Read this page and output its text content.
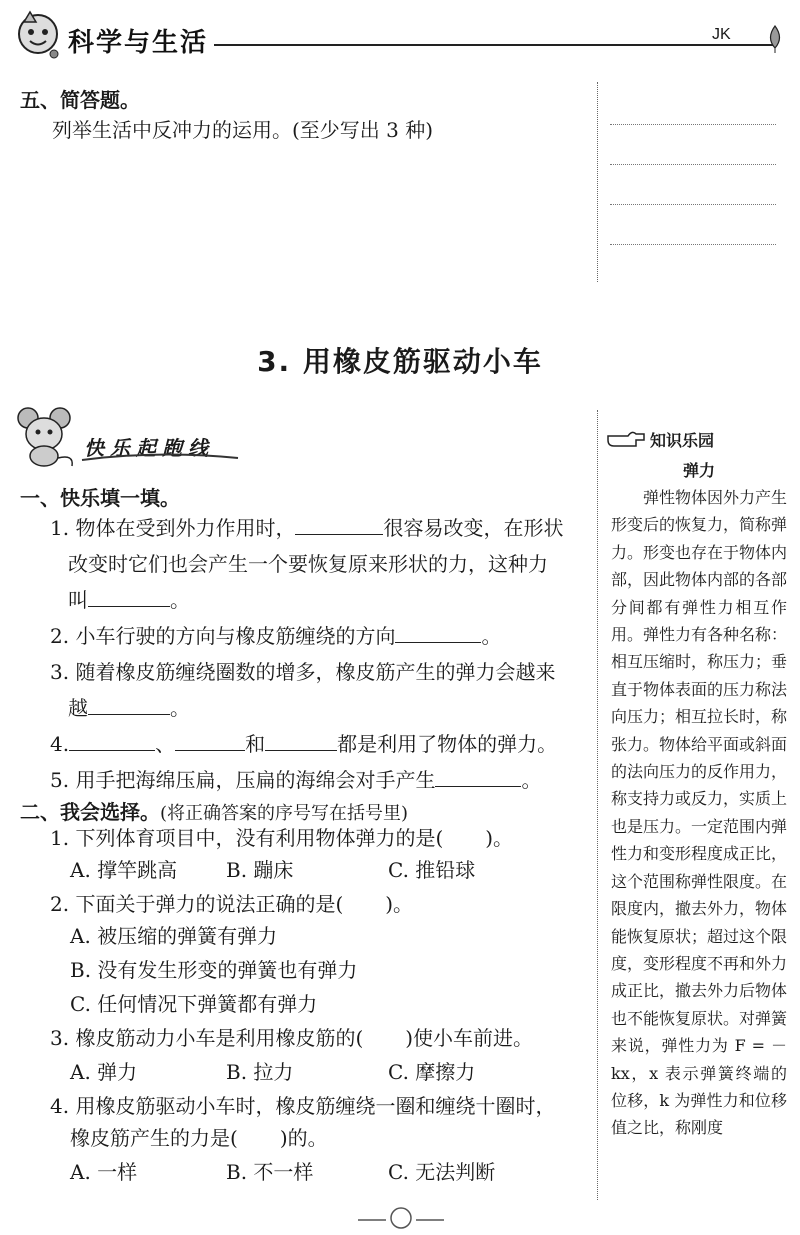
科学与生活	JK
五、简答题。
列举生活中反冲力的运用。(至少写出 3 种)
3. 用橡皮筋驱动小车
快乐起跑线
一、快乐填一填。
1. 物体在受到外力作用时，	很容易改变，在形状
改变时它们也会产生一个要恢复原来形状的力，这种力
叫	。
2. 小车行驶的方向与橡皮筋缠绕的方向	。
3. 随着橡皮筋缠绕圈数的增多，橡皮筋产生的弹力会越来
越	。
4.	、	和	都是利用了物体的弹力。
5. 用手把海绵压扁，压扁的海绵会对手产生	。
二、我会选择。(将正确答案的序号写在括号里)
1. 下列体育项目中，没有利用物体弹力的是( )。
A. 撑竿跳高 B. 蹦床	C. 推铅球
2. 下面关于弹力的说法正确的是( )。
A. 被压缩的弹簧有弹力
B. 没有发生形变的弹簧也有弹力
C. 任何情况下弹簧都有弹力
3. 橡皮筋动力小车是利用橡皮筋的( )使小车前进。
A. 弹力	B. 拉力	C. 摩擦力
4. 用橡皮筋驱动小车时，橡皮筋缠绕一圈和缠绕十圈时，
橡皮筋产生的力是( )的。
A. 一样	B. 不一样	C. 无法判断
知识乐园
弹力
弹性物体因外力产生形变后的恢复力，简称弹力。形变也存在于物体内部，因此物体内部的各部分间都有弹性力相互作用。弹性力有各种名称：相互压缩时，称压力；垂直于物体表面的压力称法向压力；相互拉长时，称张力。物体给平面或斜面的法向压力的反作用力，称支持力或反力，实质上也是压力。一定范围内弹性力和变形程度成正比，这个范围称弹性限度。在限度内，撤去外力，物体能恢复原状；超过这个限度，变形程度不再和外力成正比，撤去外力后物体也不能恢复原状。对弹簧来说，弹性力为 F = －kx，x 表示弹簧终端的位移，k 为弹性力和位移值之比，称刚度
